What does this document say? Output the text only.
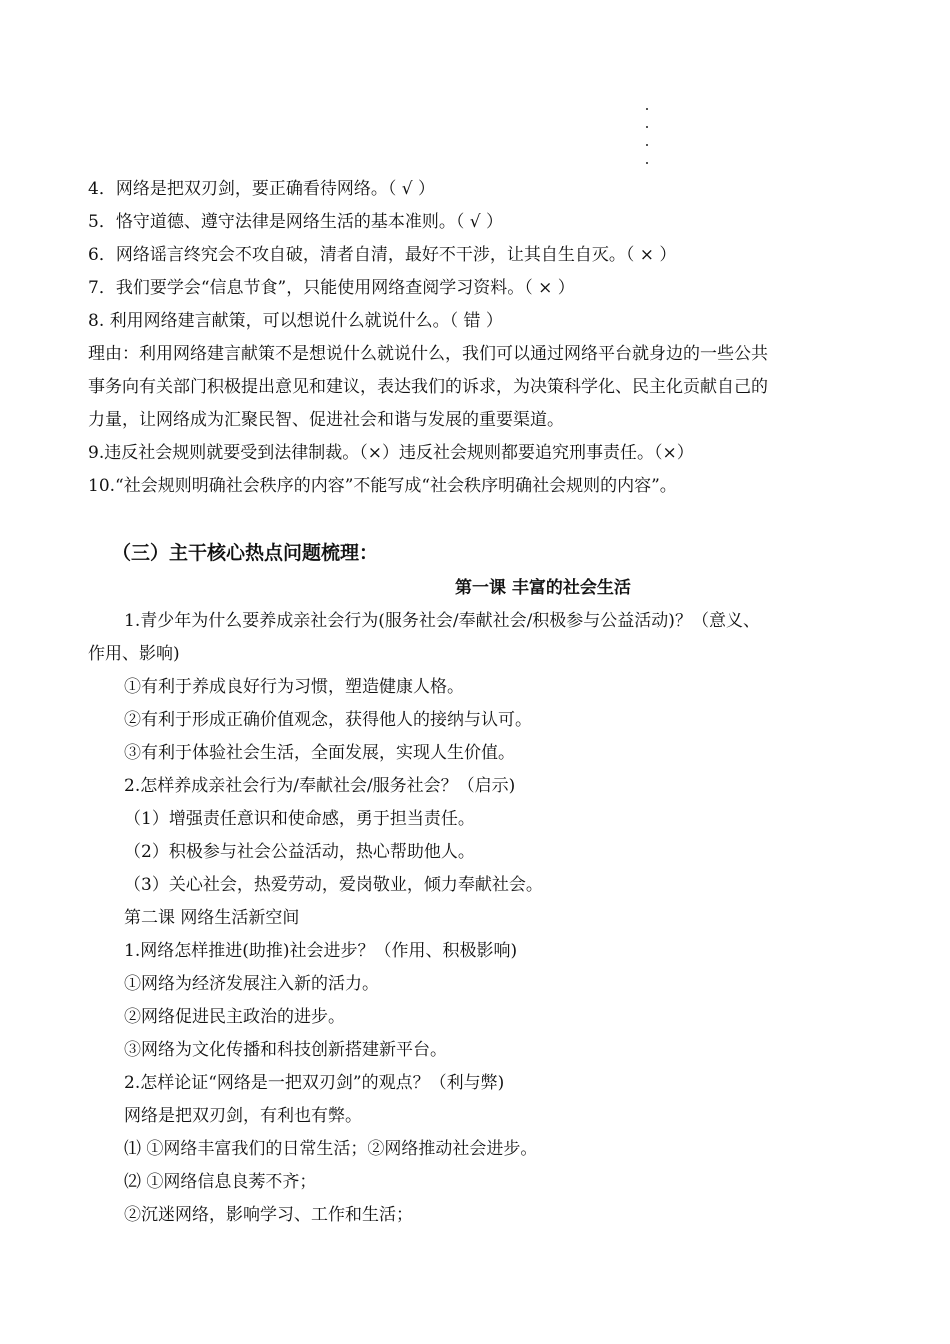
4．网络是把双刃剑，要正确看待网络。（ √ ）
5．恪守道德、遵守法律是网络生活的基本准则。（ √ ）
6．网络谣言终究会不攻自破，清者自清，最好不干涉，让其自生自灭。（ × ）
7．我们要学会“信息节食”，只能使用网络查阅学习资料。（ × ）
8. 利用网络建言献策，可以想说什么就说什么。（ 错 ）
理由：利用网络建言献策不是想说什么就说什么，我们可以通过网络平台就身边的一些公共
事务向有关部门积极提出意见和建议，表达我们的诉求，为决策科学化、民主化贡献自己的
力量，让网络成为汇聚民智、促进社会和谐与发展的重要渠道。
9.违反社会规则就要受到法律制裁。（×）违反社会规则都要追究刑事责任。（×）
10.“社会规则明确社会秩序的内容”不能写成“社会秩序明确社会规则的内容”。
（三）主干核心热点问题梳理：
第一课 丰富的社会生活
1.青少年为什么要养成亲社会行为(服务社会/奉献社会/积极参与公益活动)？（意义、
作用、影响)
①有利于养成良好行为习惯，塑造健康人格。
②有利于形成正确价值观念，获得他人的接纳与认可。
③有利于体验社会生活，全面发展，实现人生价值。
2.怎样养成亲社会行为/奉献社会/服务社会？（启示)
（1）增强责任意识和使命感，勇于担当责任。
（2）积极参与社会公益活动，热心帮助他人。
（3）关心社会，热爱劳动，爱岗敬业，倾力奉献社会。
第二课 网络生活新空间
1.网络怎样推进(助推)社会进步？（作用、积极影响)
①网络为经济发展注入新的活力。
②网络促进民主政治的进步。
③网络为文化传播和科技创新搭建新平台。
2.怎样论证“网络是一把双刃剑”的观点？（利与弊)
网络是把双刃剑，有利也有弊。
⑴ ①网络丰富我们的日常生活；②网络推动社会进步。
⑵ ①网络信息良莠不齐；
②沉迷网络，影响学习、工作和生活；
